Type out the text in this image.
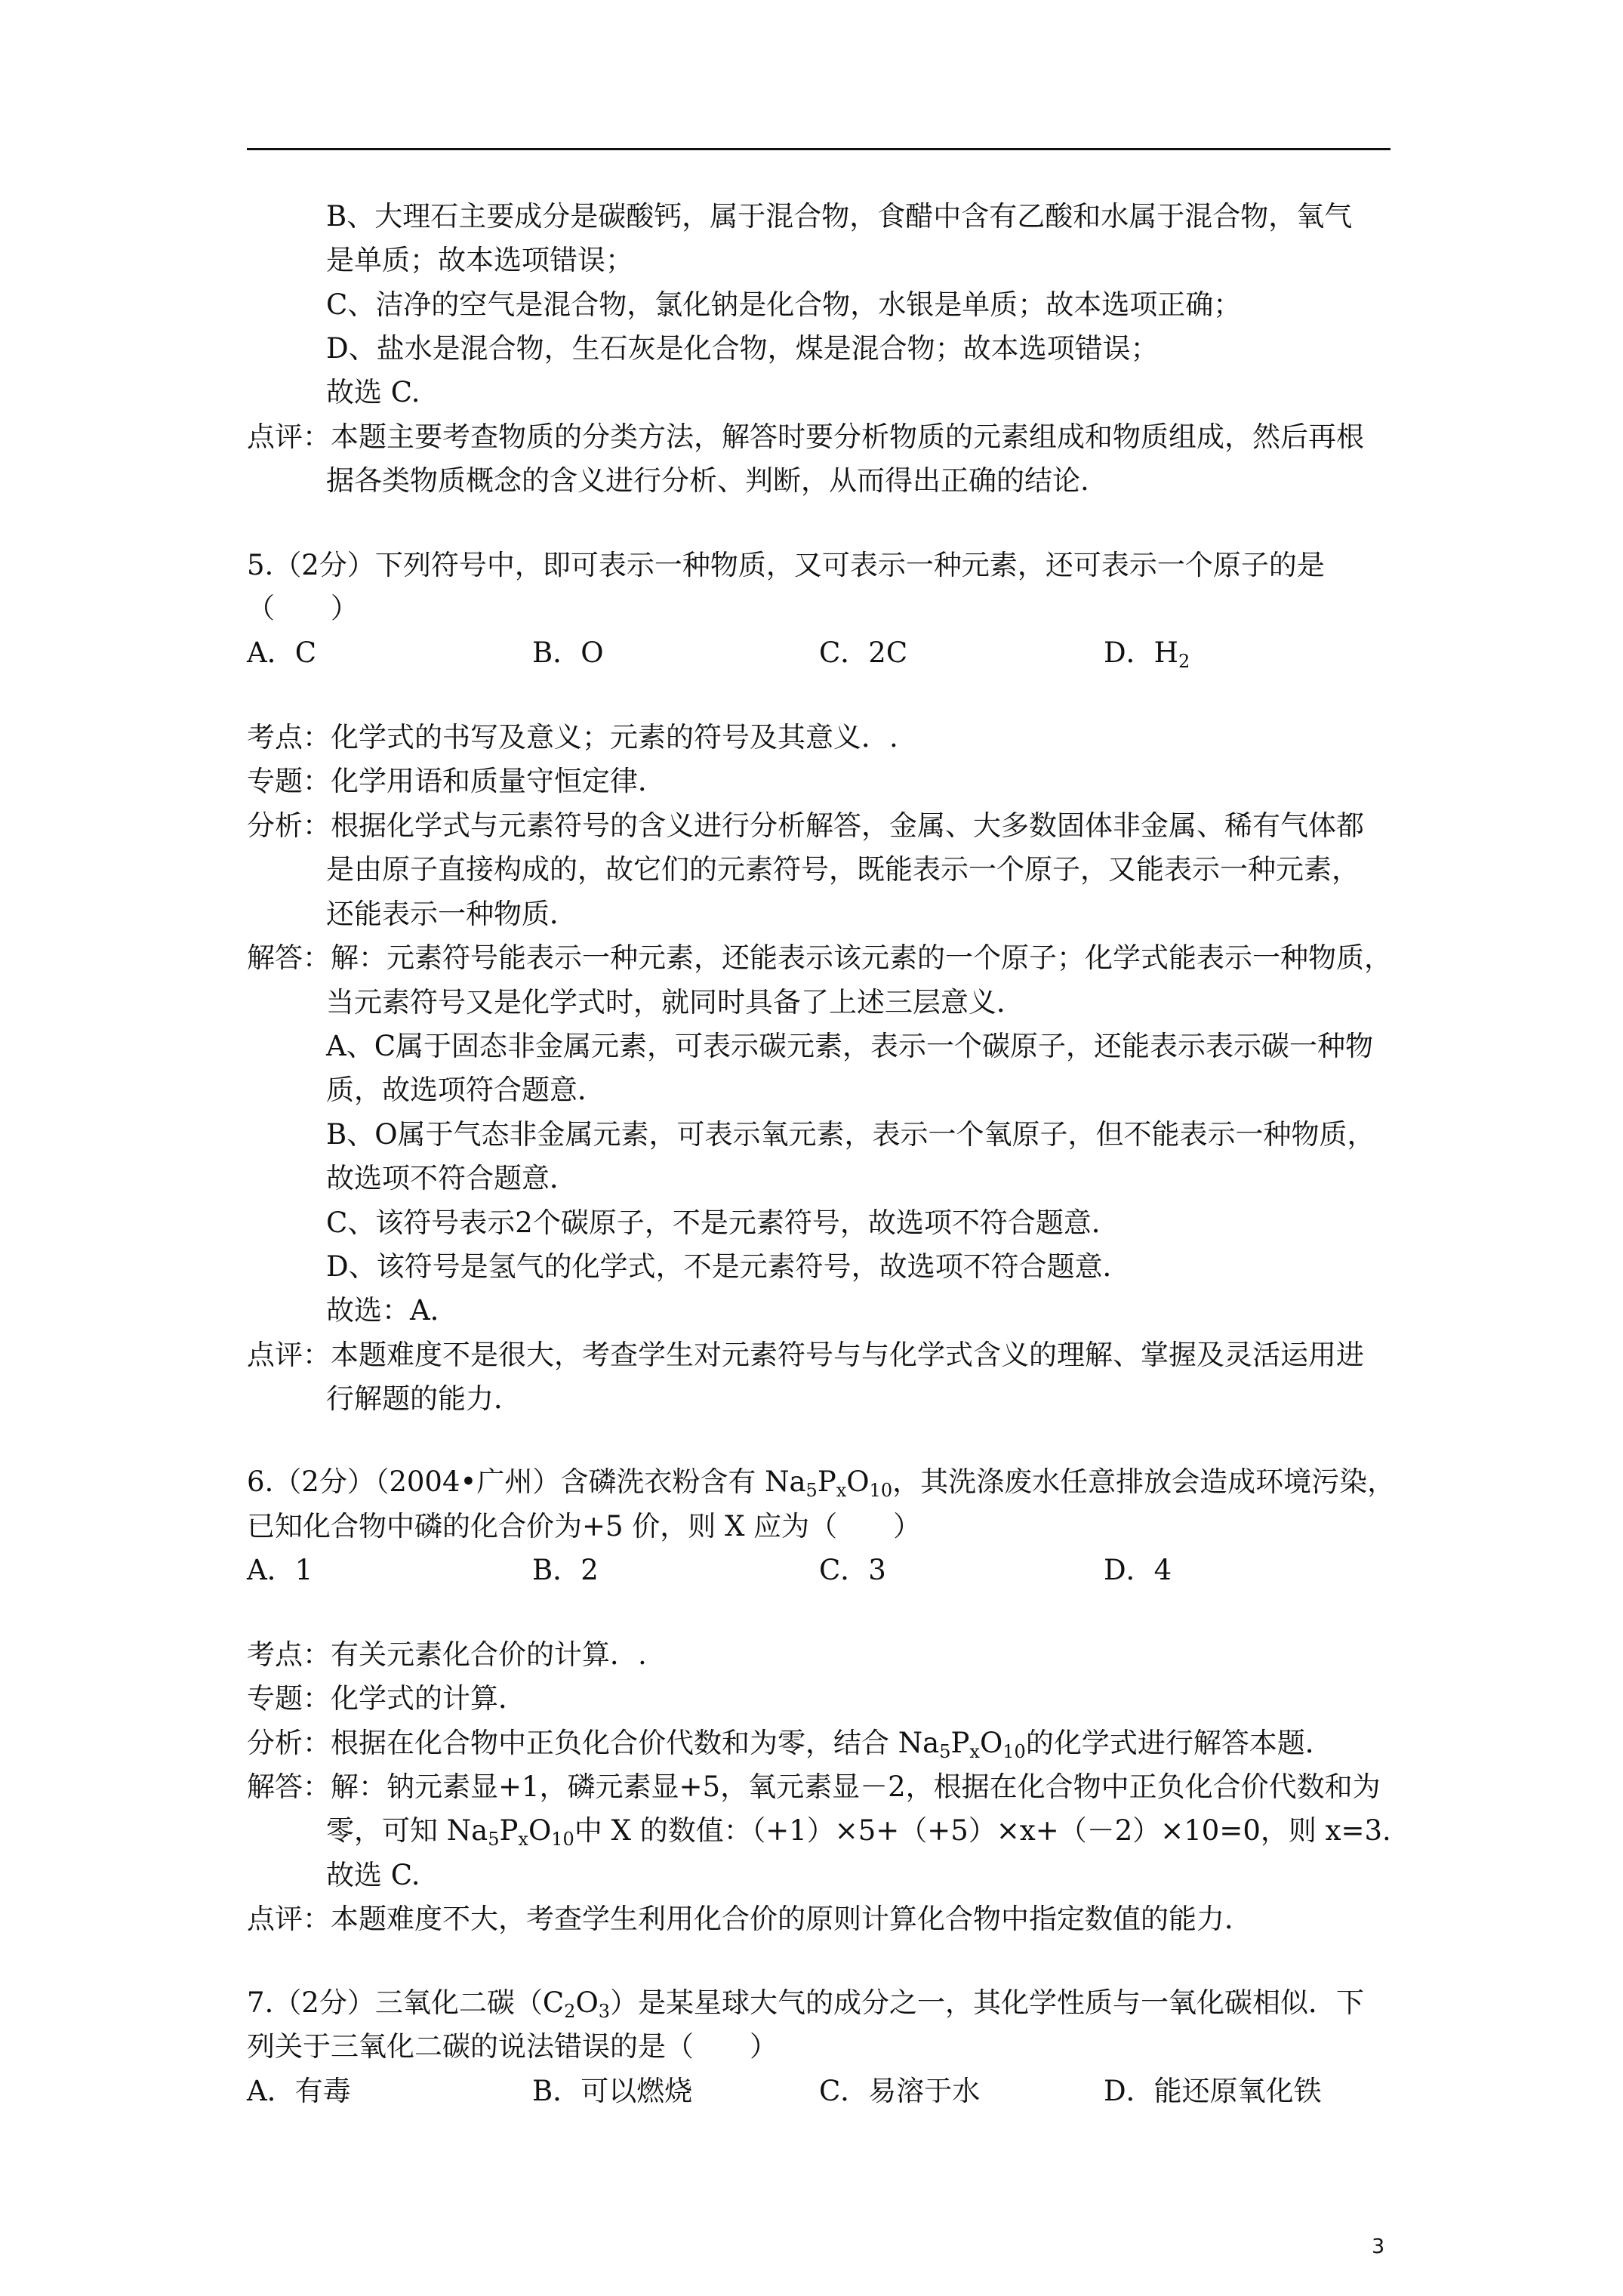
B、大理石主要成分是碳酸钙，属于混合物，食醋中含有乙酸和水属于混合物，氧气
是单质；故本选项错误；
C、洁净的空气是混合物，氯化钠是化合物，水银是单质；故本选项正确；
D、盐水是混合物，生石灰是化合物，煤是混合物；故本选项错误；
故选 C.
点评：本题主要考查物质的分类方法，解答时要分析物质的元素组成和物质组成，然后再根
据各类物质概念的含义进行分析、判断，从而得出正确的结论.
5.（2分）下列符号中，即可表示一种物质，又可表示一种元素，还可表示一个原子的是
（　　）
A．C	B．O	C．2C	D．$H_2$
考点：化学式的书写及意义；元素的符号及其意义．.
专题：化学用语和质量守恒定律．
分析：根据化学式与元素符号的含义进行分析解答，金属、大多数固体非金属、稀有气体都
是由原子直接构成的，故它们的元素符号，既能表示一个原子，又能表示一种元素，
还能表示一种物质．
解答：解：元素符号能表示一种元素，还能表示该元素的一个原子；化学式能表示一种物质，
当元素符号又是化学式时，就同时具备了上述三层意义．
A、C属于固态非金属元素，可表示碳元素，表示一个碳原子，还能表示表示碳一种物
质，故选项符合题意．
B、O属于气态非金属元素，可表示氧元素，表示一个氧原子，但不能表示一种物质，
故选项不符合题意．
C、该符号表示2个碳原子，不是元素符号，故选项不符合题意．
D、该符号是氢气的化学式，不是元素符号，故选项不符合题意．
故选：A．
点评：本题难度不是很大，考查学生对元素符号与与化学式含义的理解、掌握及灵活运用进
行解题的能力．
6.（2分）（2004•广州）含磷洗衣粉含有 $Na_5P_xO_{10}$，其洗涤废水任意排放会造成环境污染，
已知化合物中磷的化合价为+5 价，则 X 应为（　　）
A．1	B．2	C．3	D．4
考点：有关元素化合价的计算．.
专题：化学式的计算．
分析：根据在化合物中正负化合价代数和为零，结合 $Na_5P_xO_{10}$的化学式进行解答本题．
解答：解：钠元素显+1，磷元素显+5，氧元素显－2，根据在化合物中正负化合价代数和为
零，可知 $Na_5P_xO_{10}$中 X 的数值：（+1）×5+（+5）×x+（－2）×10=0，则 x=3.
故选 C.
点评：本题难度不大，考查学生利用化合价的原则计算化合物中指定数值的能力．
7.（2分）三氧化二碳$(C_2O_3)$是某星球大气的成分之一，其化学性质与一氧化碳相似．下
列关于三氧化二碳的说法错误的是（　　）
A．有毒	B．可以燃烧	C．易溶于水	D．能还原氧化铁
3
